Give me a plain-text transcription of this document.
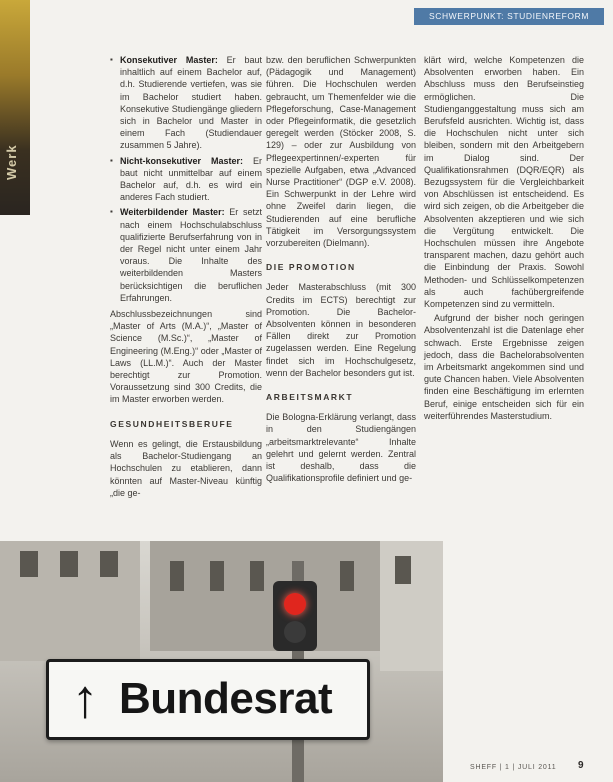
Werk
SCHWERPUNKT: STUDIENREFORM
▪ Konsekutiver Master: Er baut inhaltlich auf einem Bachelor auf, d.h. Studierende vertiefen, was sie im Bachelor studiert haben. Konsekutive Studiengänge gliedern sich in Bachelor und Master in einem Fach (Studiendauer zusammen 5 Jahre).
▪ Nicht-konsekutiver Master: Er baut nicht unmittelbar auf einem Bachelor auf, d.h. es wird ein anderes Fach studiert.
▪ Weiterbildender Master: Er setzt nach einem Hochschulabschluss qualifizierte Berufserfahrung von in der Regel nicht unter einem Jahr voraus. Die Inhalte des weiterbildenden Masters berücksichtigen die beruflichen Erfahrungen.

Abschlussbezeichnungen sind „Master of Arts (M.A.)“, „Master of Science (M.Sc.)“, „Master of Engineering (M.Eng.)“ oder „Master of Laws (LL.M.)“. Auch der Master berechtigt zur Promotion. Voraussetzung sind 300 Credits, die im Master erworben werden.

GESUNDHEITSBERUFE

Wenn es gelingt, die Erstausbildung als Bachelor-Studiengang an Hochschulen zu etablieren, dann könnten auf Master-Niveau künftig „die ge-

bzw. den beruflichen Schwerpunkten (Pädagogik und Management) führen. Die Hochschulen werden gebraucht, um Themenfelder wie die Pflegeforschung, Case-Management oder Pflegeinformatik, die gesetzlich geregelt werden (Stöcker 2008, S. 129) – oder zur Ausbildung von Pflegeexpertinnen/-experten für spezielle Aufgaben, etwa „Advanced Nurse Practitioner“ (DGP e.V. 2008). Ein Schwerpunkt in der Lehre wird ohne Zweifel darin liegen, die Studierenden auf eine berufliche Tätigkeit im Versorgungssystem vorzubereiten (Dielmann).

DIE PROMOTION

Jeder Masterabschluss (mit 300 Credits im ECTS) berechtigt zur Promotion. Die Bachelor-Absolventen können in besonderen Fällen direkt zur Promotion zugelassen werden. Eine Regelung findet sich im Hochschulgesetz, wenn der Bachelor besonders gut ist.

ARBEITSMARKT

Die Bologna-Erklärung verlangt, dass in den Studiengängen „arbeitsmarktrelevante“ Inhalte gelehrt und gelernt werden. Zentral ist deshalb, dass die Qualifikationsprofile definiert und ge-

klärt wird, welche Kompetenzen die Absolventen erworben haben. Ein Abschluss muss den Berufseinstieg ermöglichen. Die Studienganggestaltung muss sich am Berufsfeld ausrichten. Wichtig ist, dass die Hochschulen nicht unter sich bleiben, sondern mit den Arbeitgebern im Dialog sind. Der Qualifikationsrahmen (DQR/EQR) als Bezugssystem für die Vergleichbarkeit von Abschlüssen ist entscheidend. Es wird sich zeigen, ob die Arbeitgeber die Absolventen akzeptieren und wie sich die Vergütung entwickelt. Die Hochschulen müssen ihre Angebote transparent machen, dazu gehört auch die Einbindung der Praxis. Sowohl Methoden- und Schlüsselkompetenzen als auch fachübergreifende Kompetenzen sind zu vermitteln.

Aufgrund der bisher noch geringen Absolventenzahl ist die Datenlage eher schwach. Erste Ergebnisse zeigen jedoch, dass die Bachelorabsolventen im Arbeitsmarkt angekommen sind und gute Chancen haben. Viele Absolventen finden eine Beschäftigung im erlernten Beruf, einige entscheiden sich für ein weiterführendes Masterstudium.

↑ Bundesrat
SHEFF | 1 | JULI 2011 9
